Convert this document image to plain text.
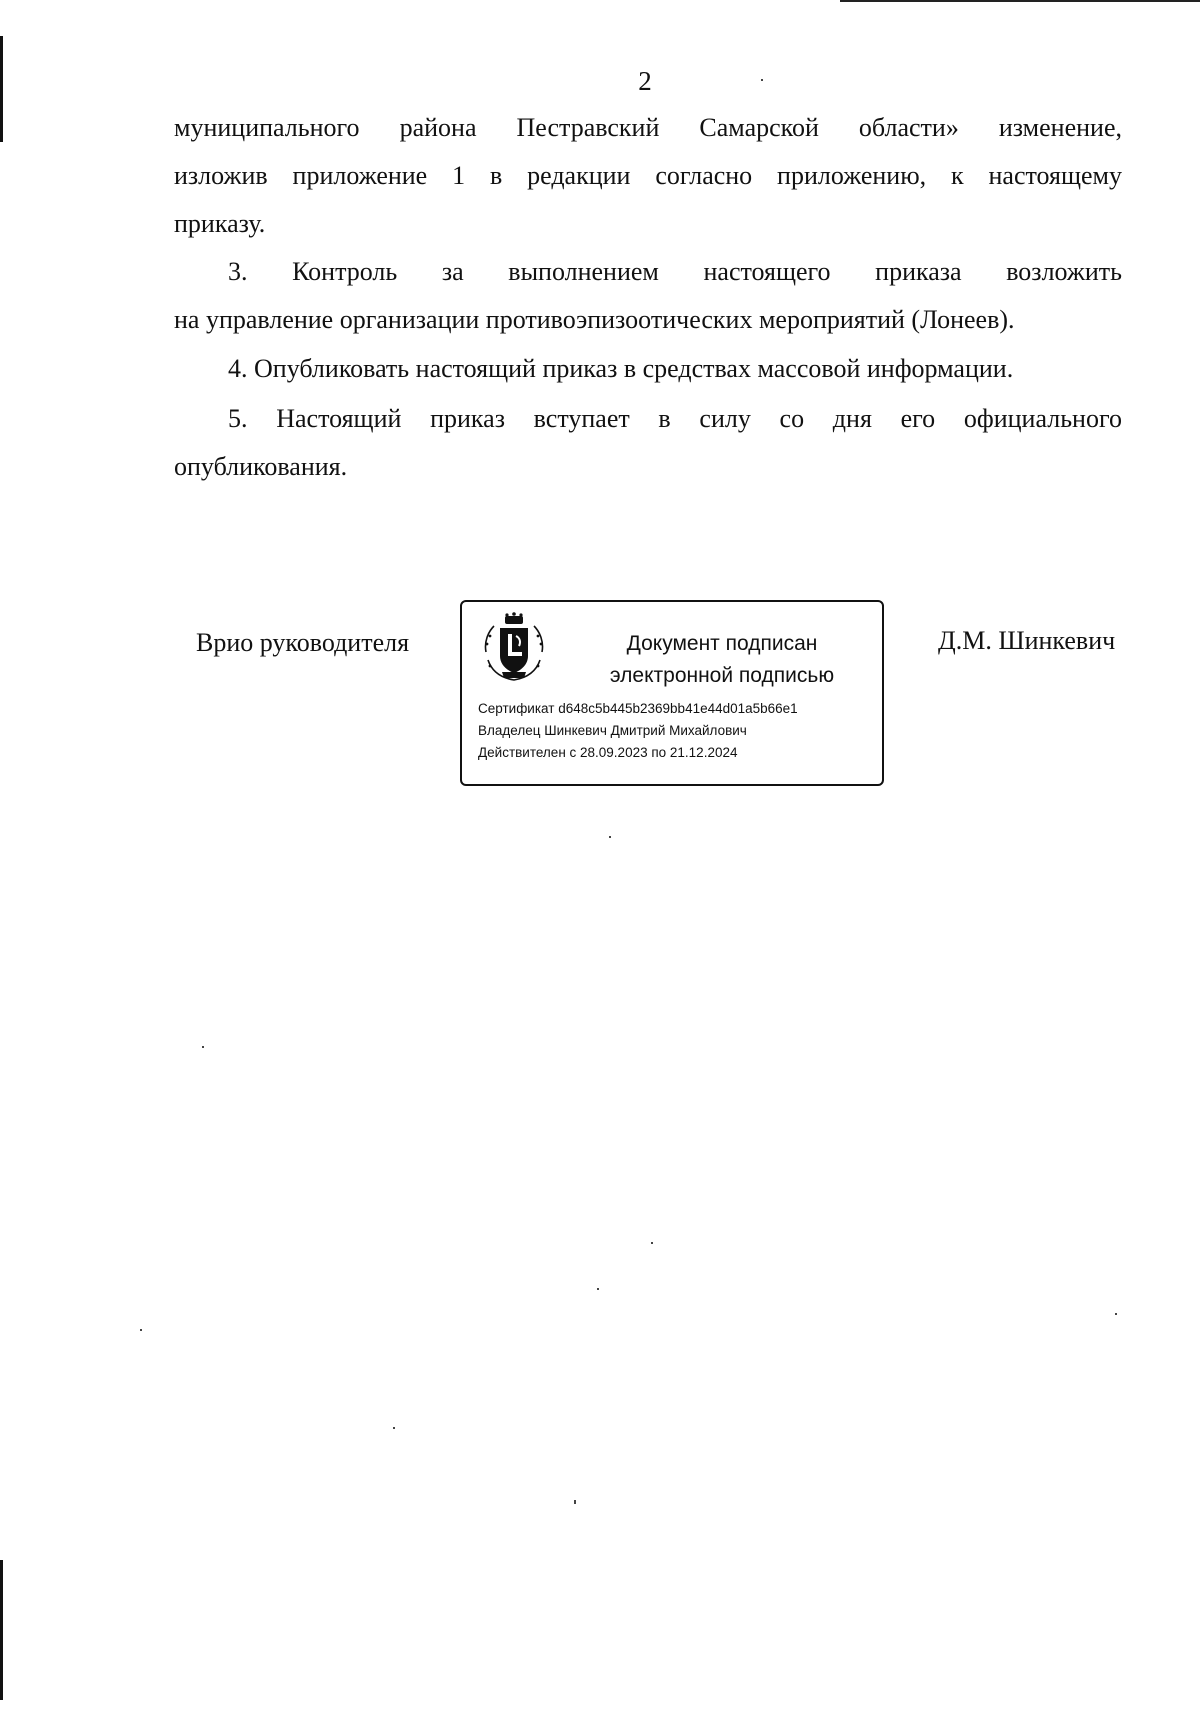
2
муниципального района Пестравский Самарской области» изменение,
изложив приложение 1 в редакции согласно приложению, к настоящему
приказу.
3. Контроль за выполнением настоящего приказа возложить
на управление организации противоэпизоотических мероприятий (Лонеев).
4. Опубликовать настоящий приказ в средствах массовой информации.
5. Настоящий приказ вступает в силу со дня его официального
опубликования.
Врио руководителя	Документ подписан
электронной подписью
Сертификат d648c5b445b2369bb41e44d01a5b66e1
Владелец Шинкевич Дмитрий Михайлович
Действителен с 28.09.2023 по 21.12.2024
Д.М. Шинкевич
